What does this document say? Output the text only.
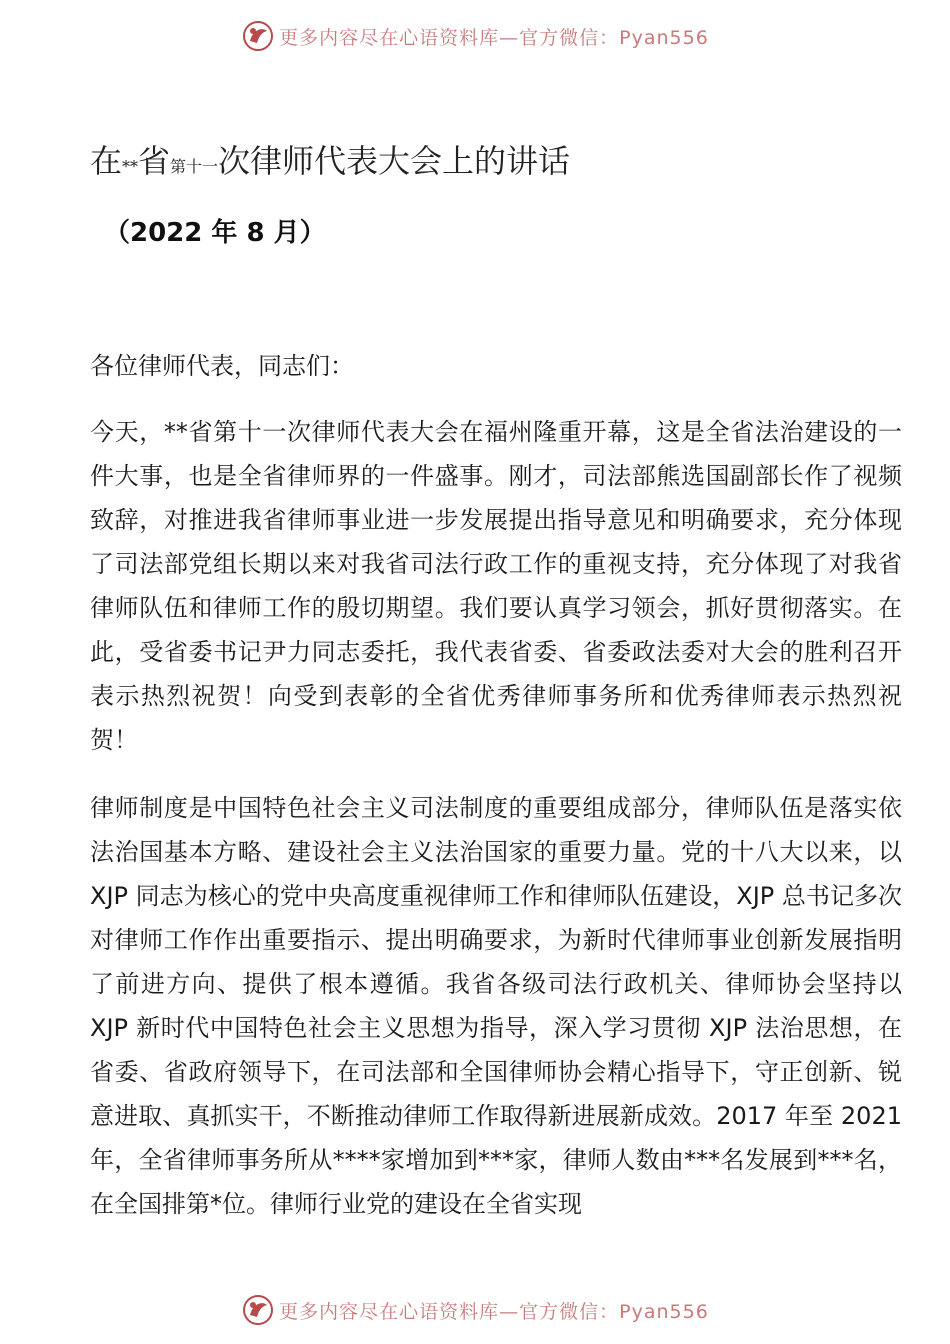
更多内容尽在心语资料库—官方微信：Pyan556
在**省第十一次律师代表大会上的讲话
（2022 年 8 月）
各位律师代表，同志们：

今天，**省第十一次律师代表大会在福州隆重开幕，这是全省法治建设的一件大事，也是全省律师界的一件盛事。刚才，司法部熊选国副部长作了视频致辞，对推进我省律师事业进一步发展提出指导意见和明确要求，充分体现了司法部党组长期以来对我省司法行政工作的重视支持，充分体现了对我省律师队伍和律师工作的殷切期望。我们要认真学习领会，抓好贯彻落实。在此，受省委书记尹力同志委托，我代表省委、省委政法委对大会的胜利召开表示热烈祝贺！向受到表彰的全省优秀律师事务所和优秀律师表示热烈祝贺！

律师制度是中国特色社会主义司法制度的重要组成部分，律师队伍是落实依法治国基本方略、建设社会主义法治国家的重要力量。党的十八大以来，以 XJP 同志为核心的党中央高度重视律师工作和律师队伍建设，XJP 总书记多次对律师工作作出重要指示、提出明确要求，为新时代律师事业创新发展指明了前进方向、提供了根本遵循。我省各级司法行政机关、律师协会坚持以 XJP 新时代中国特色社会主义思想为指导，深入学习贯彻 XJP 法治思想，在省委、省政府领导下，在司法部和全国律师协会精心指导下，守正创新、锐意进取、真抓实干，不断推动律师工作取得新进展新成效。2017 年至 2021 年，全省律师事务所从****家增加到***家，律师人数由***名发展到***名，在全国排第*位。律师行业党的建设在全省实现

更多内容尽在心语资料库—官方微信：Pyan556
